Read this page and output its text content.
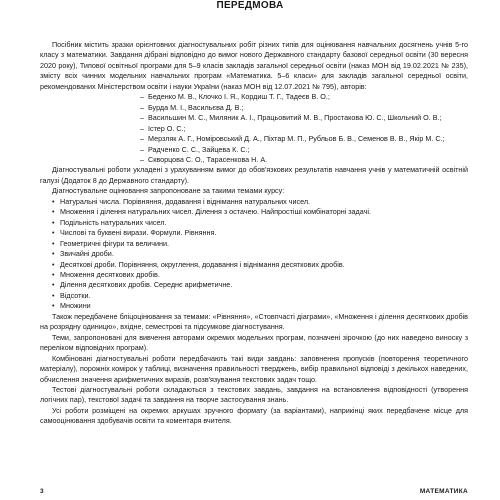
ПЕРЕДМОВА

Посібник містить зразки орієнтовних діагностувальних робіт різних типів для оцінювання навчальних досягнень учнів 5-го класу з математики. Завдання дібрані відповідно до вимог нового Державного стандарту базової середньої освіти (30 вересня 2020 року), Типової освітньої програми для 5–9 класів закладів загальної середньої освіти (наказ МОН від 19.02.2021 № 235), змісту всіх чинних модельних навчальних програм «Математика. 5–6 класи» для закладів загальної середньої освіти, рекомендованих Міністерством освіти і науки України (наказ МОН від 12.07.2021 № 795), авторів:

– Беденко М. В., Клочко І. Я., Кордиш Т. Г., Тадеєв В. О.;
– Бурда М. І., Васильєва Д. В.;
– Васильшин М. С., Миляник А. І., Працьовитий М. В., Простакова Ю. С., Школьний О. В.;
– Істер О. С.;
– Мерзляк А. Г., Номіровський Д. А., Піхтар М. П., Рубльов Б. В., Семенов В. В., Якір М. С.;
– Радченко С. С., Зайцева К. С.;
– Скворцова С. О., Тарасенкова Н. А.

Діагностувальні роботи укладені з урахуванням вимог до обов'язкових результатів навчання учнів у математичній освітній галузі (Додаток 8 до Державного стандарту).

Діагностувальне оцінювання запропоноване за такими темами курсу:

• Натуральні числа. Порівняння, додавання і віднімання натуральних чисел.
• Множення і ділення натуральних чисел. Ділення з остачею. Найпростіші комбінаторні задачі.
• Подільність натуральних чисел.
• Числові та буквені вирази. Формули. Рівняння.
• Геометричні фігури та величини.
• Звичайні дроби.
• Десяткові дроби. Порівняння, округлення, додавання і віднімання десяткових дробів.
• Множення десяткових дробів.
• Ділення десяткових дробів. Середнє арифметичне.
• Відсотки.
• Множини

Також передбачене бліцоцінювання за темами: «Рівняння», «Стовпчасті діаграми», «Множення і ділення десяткових дробів на розрядну одиницю», вхідне, семестрові та підсумкове діагностування.

Теми, запропоновані для вивчення авторами окремих модельних програм, позначені зірочкою (до них наведено виноску з переліком відповідних програм).

Комбіновані діагностувальні роботи передбачають такі види завдань: заповнення пропусків (повторення теоретичного матеріалу), порожніх комірок у таблиці, визначення правильності тверджень, вибір правильної відповіді з декількох наведених, обчислення значення арифметичних виразів, розв'язування текстових задач тощо.

Тестові діагностувальні роботи складаються з текстових завдань, завдання на встановлення відповідності (утворення логічних пар), текстової задачі та завдання на творче застосування знань.

Усі роботи розміщені на окремих аркушах зручного формату (за варіантами), наприкінці яких передбачене місце для самооцінювання здобувачів освіти та коментаря вчителя.

3	МАТЕМАТИКА
